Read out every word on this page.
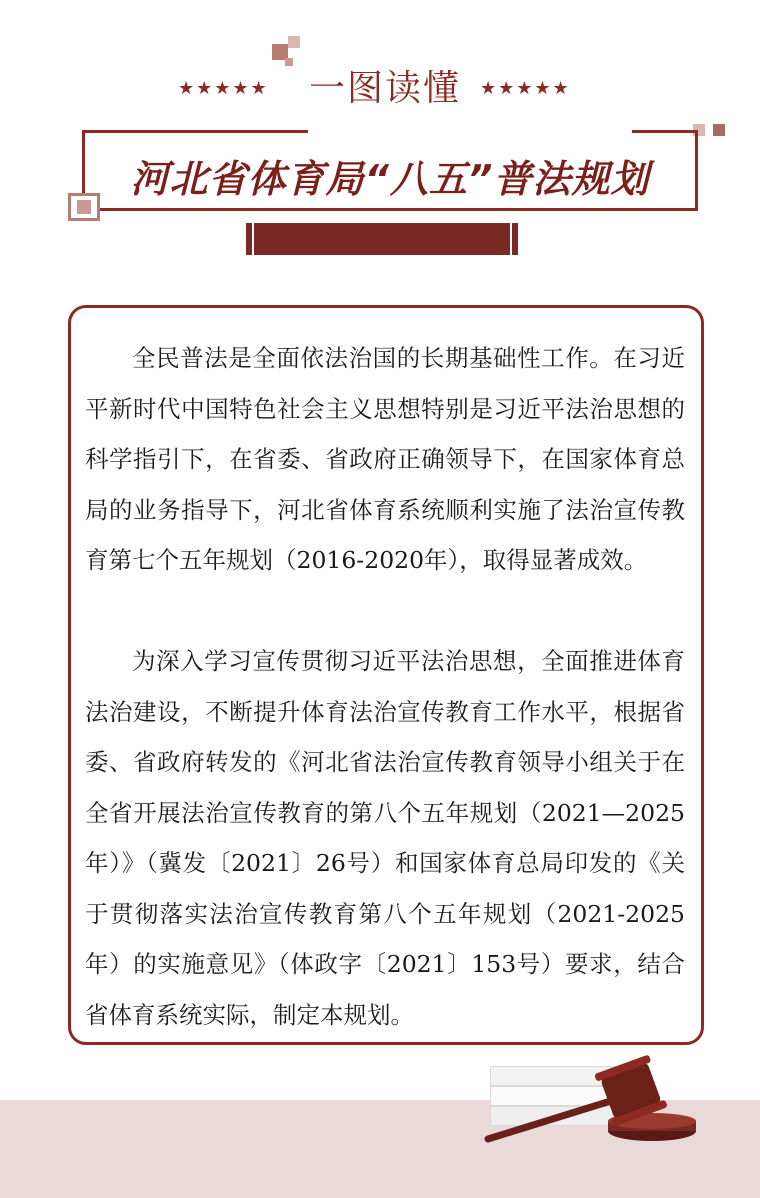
★★★★★ 一图读懂	★★★★★
河北省体育局“八五”普法规划

全民普法是全面依法治国的长期基础性工作。在习近平新时代中国特色社会主义思想特别是习近平法治思想的科学指引下，在省委、省政府正确领导下，在国家体育总局的业务指导下，河北省体育系统顺利实施了法治宣传教育第七个五年规划（2016-2020年），取得显著成效。

为深入学习宣传贯彻习近平法治思想，全面推进体育法治建设，不断提升体育法治宣传教育工作水平，根据省委、省政府转发的《河北省法治宣传教育领导小组关于在全省开展法治宣传教育的第八个五年规划（2021—2025年）》（冀发〔2021〕26号）和国家体育总局印发的《关于贯彻落实法治宣传教育第八个五年规划（2021-2025年）的实施意见》（体政字〔2021〕153号）要求，结合省体育系统实际，制定本规划。
